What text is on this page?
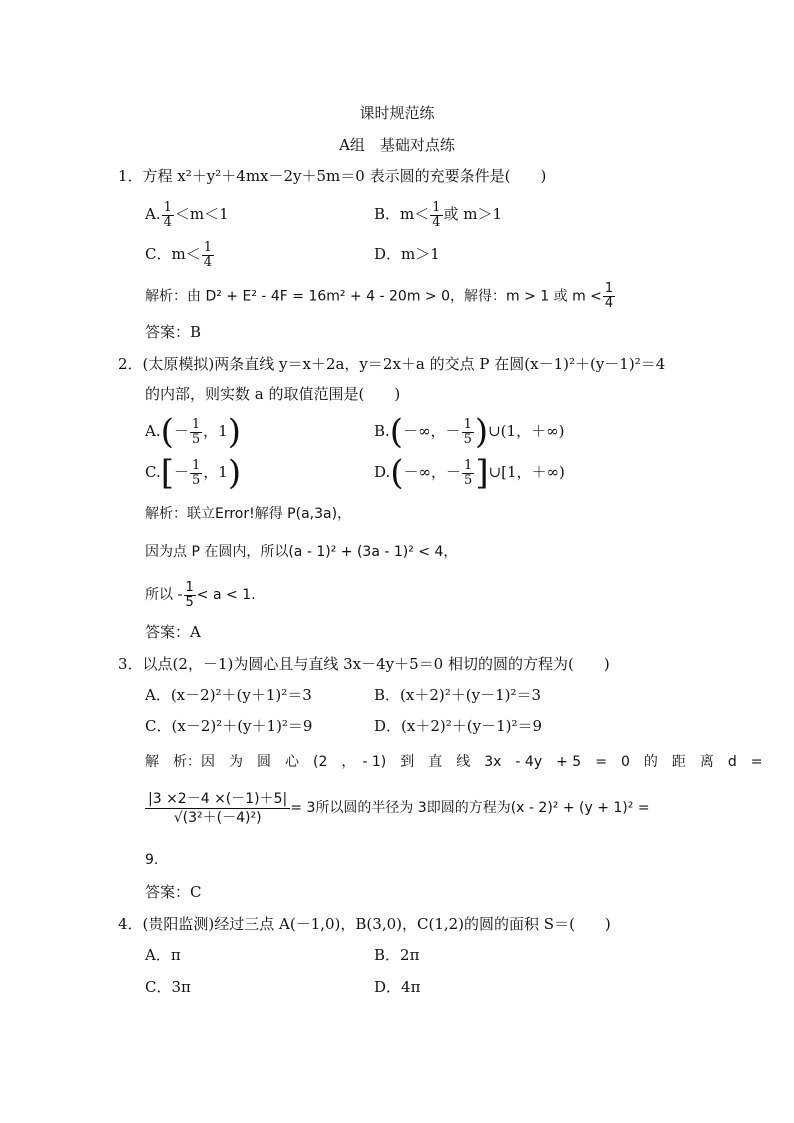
课时规范练
A组　基础对点练
1．方程 x²＋y²＋4mx－2y＋5m＝0 表示圆的充要条件是(　　)
A. $\frac{1}{4} <m<1$	B．$m< \frac{1}{4}$ 或 m＞1
C．$m< \frac{1}{4}$	D．m＞1
解析：由 D² + E² - 4F = 16m² + 4 - 20m > 0，解得：m > 1 或 $m < \frac{1}{4}$
答案：B
2．(太原模拟)两条直线 y＝x＋2a，y＝2x＋a 的交点 P 在圆(x－1)²＋(y－1)²＝4
的内部，则实数 a 的取值范围是(　　)
$A.(- \frac{1}{5}$ ，1)	B.(－∞，－ $\frac{1}{5}$ )∪(1，＋∞)
$C.[- \frac{1}{5}$ ，1)	D.(－∞，－ $\frac{1}{5}$ ]∪[1，＋∞)
解析：联立Error!解得 P(a,3a)，
因为点 P 在圆内，所以(a - 1)² + (3a - 1)² < 4，
所以 - $\frac{1}{5} < a < 1$.
答案：A
3．以点(2，－1)为圆心且与直线 3x－4y＋5＝0 相切的圆的方程为(　　)
A．(x－2)²＋(y＋1)²＝3	B．(x＋2)²＋(y－1)²＝3
C．(x－2)²＋(y＋1)²＝9	D．(x＋2)²＋(y－1)²＝9
解　析：因　为　圆　心　(2　，　- 1)　到　直　线　3x　- 4y　+ 5　=　0　的　距　离　d　=
$\frac{|3 \times 2-4 \times(-1)+5|}{\text{√(3²＋(－4)²)}} = 3$所以圆的半径为 3即圆的方程为(x - 2)² + (y + 1)² =
9.
答案：C
4．(贵阳监测)经过三点 A(－1,0)，B(3,0)，C(1,2)的圆的面积 S＝(　　)
A．π	B．2π
C．3π	D．4π
